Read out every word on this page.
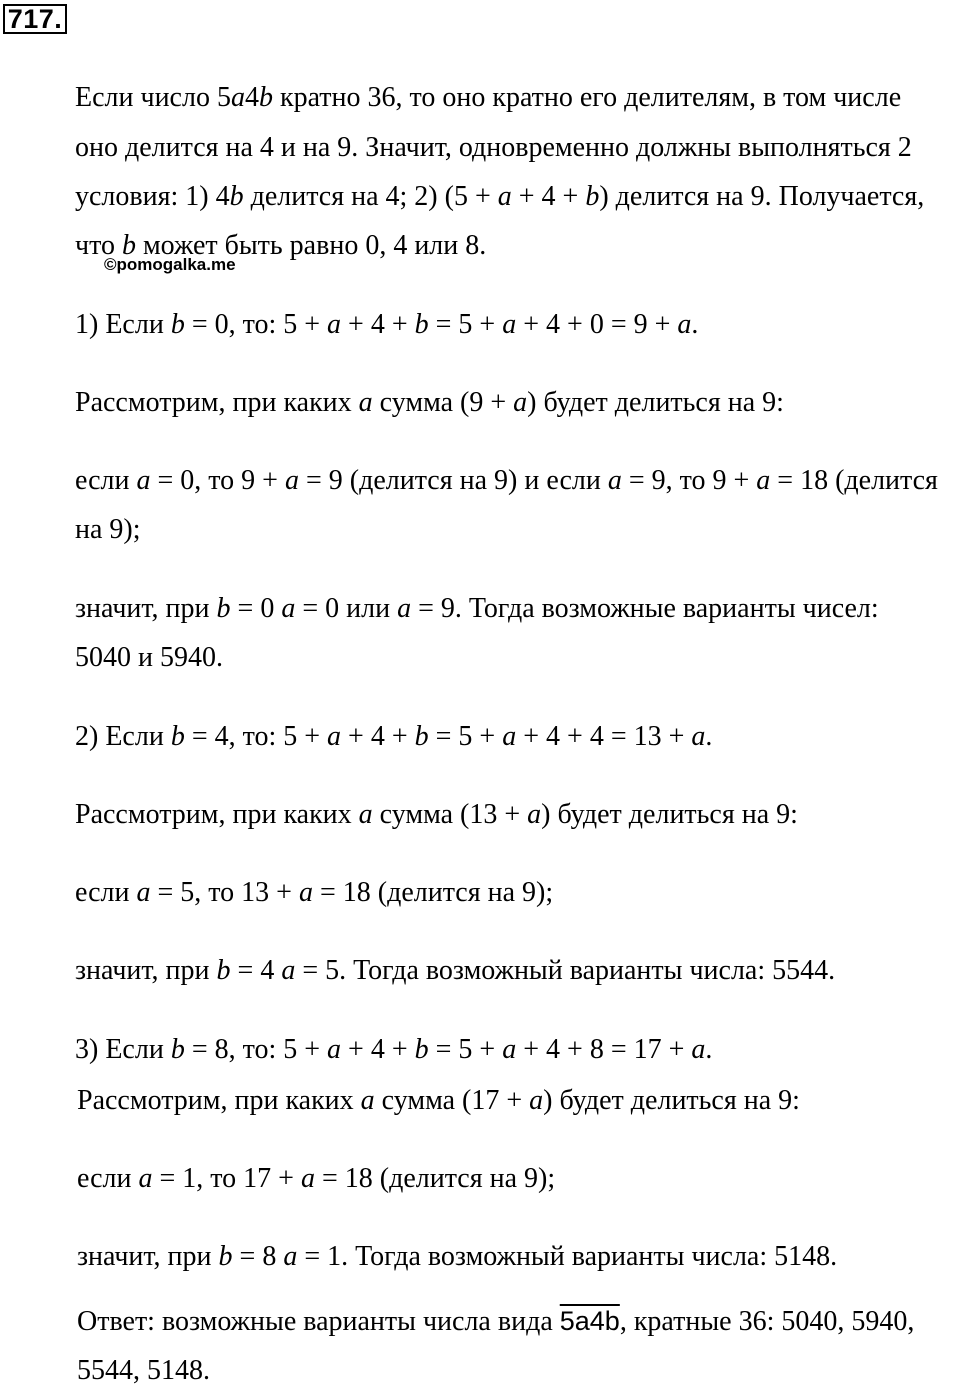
717.
Если число 5a4b кратно 36, то оно кратно его делителям, в том числе
оно делится на 4 и на 9. Значит, одновременно должны выполняться 2
условия: 1) 4b делится на 4; 2) (5 + a + 4 + b) делится на 9. Получается,
что b может быть равно 0, 4 или 8.
©pomogalka.me
1) Если b = 0, то: 5 + a + 4 + b = 5 + a + 4 + 0 = 9 + a.
Рассмотрим, при каких a сумма (9 + a) будет делиться на 9:
если a = 0, то 9 + a = 9 (делится на 9) и если a = 9, то 9 + a = 18 (делится
на 9);
значит, при b = 0 a = 0 или a = 9. Тогда возможные варианты чисел:
5040 и 5940.
2) Если b = 4, то: 5 + a + 4 + b = 5 + a + 4 + 4 = 13 + a.
Рассмотрим, при каких a сумма (13 + a) будет делиться на 9:
если a = 5, то 13 + a = 18 (делится на 9);
значит, при b = 4 a = 5. Тогда возможный варианты числа: 5544.
3) Если b = 8, то: 5 + a + 4 + b = 5 + a + 4 + 8 = 17 + a.
Рассмотрим, при каких a сумма (17 + a) будет делиться на 9:
если a = 1, то 17 + a = 18 (делится на 9);
значит, при b = 8 a = 1. Тогда возможный варианты числа: 5148.
Ответ: возможные варианты числа вида 5a4b, кратные 36: 5040, 5940,
5544, 5148.
